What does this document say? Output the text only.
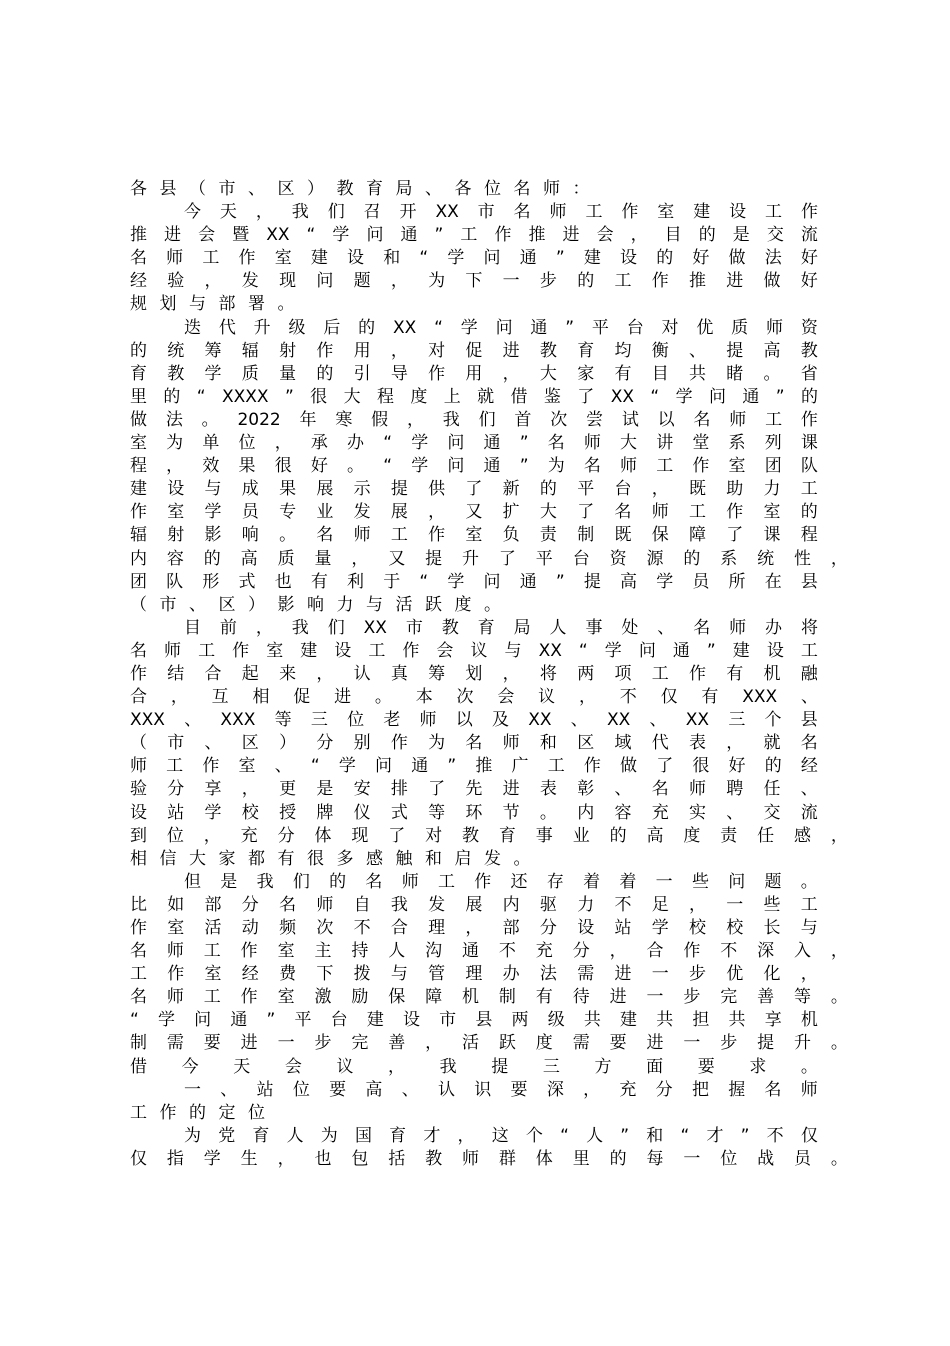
各 县 （ 市 、 区 ） 教 育 局 、 各 位 名 师 ：
今 天 ， 我 们 召 开 XX 市 名 师 工 作 室 建 设 工 作
推 进 会 暨 XX “ 学 问 通 ” 工 作 推 进 会 ， 目 的 是 交 流
名 师 工 作 室 建 设 和 “ 学 问 通 ” 建 设 的 好 做 法 好
经 验 ， 发 现 问 题 ， 为 下 一 步 的 工 作 推 进 做 好
规 划 与 部 署 。
迭 代 升 级 后 的 XX “ 学 问 通 ” 平 台 对 优 质 师 资
的 统 筹 辐 射 作 用 ， 对 促 进 教 育 均 衡 、 提 高 教
育 教 学 质 量 的 引 导 作 用 ， 大 家 有 目 共 睹 。 省
里 的 “ XXXX ” 很 大 程 度 上 就 借 鉴 了 XX “ 学 问 通 ” 的
做 法 。 2022 年 寒 假 ， 我 们 首 次 尝 试 以 名 师 工 作
室 为 单 位 ， 承 办 “ 学 问 通 ” 名 师 大 讲 堂 系 列 课
程 ， 效 果 很 好 。 “ 学 问 通 ” 为 名 师 工 作 室 团 队
建 设 与 成 果 展 示 提 供 了 新 的 平 台 ， 既 助 力 工
作 室 学 员 专 业 发 展 ， 又 扩 大 了 名 师 工 作 室 的
辐 射 影 响 。 名 师 工 作 室 负 责 制 既 保 障 了 课 程
内 容 的 高 质 量 ， 又 提 升 了 平 台 资 源 的 系 统 性 ，
团 队 形 式 也 有 利 于 “ 学 问 通 ” 提 高 学 员 所 在 县
（ 市 、 区 ） 影 响 力 与 活 跃 度 。
目 前 ， 我 们 XX 市 教 育 局 人 事 处 、 名 师 办 将
名 师 工 作 室 建 设 工 作 会 议 与 XX “ 学 问 通 ” 建 设 工
作 结 合 起 来 ， 认 真 筹 划 ， 将 两 项 工 作 有 机 融
合 ， 互 相 促 进 。 本 次 会 议 ， 不 仅 有 XXX 、
XXX 、 XXX 等 三 位 老 师 以 及 XX 、 XX 、 XX 三 个 县
（ 市 、 区 ） 分 别 作 为 名 师 和 区 域 代 表 ， 就 名
师 工 作 室 、 “ 学 问 通 ” 推 广 工 作 做 了 很 好 的 经
验 分 享 ， 更 是 安 排 了 先 进 表 彰 、 名 师 聘 任 、
设 站 学 校 授 牌 仪 式 等 环 节 。 内 容 充 实 、 交 流
到 位 ， 充 分 体 现 了 对 教 育 事 业 的 高 度 责 任 感 ，
相 信 大 家 都 有 很 多 感 触 和 启 发 。
但 是 我 们 的 名 师 工 作 还 存 着 着 一 些 问 题 。
比 如 部 分 名 师 自 我 发 展 内 驱 力 不 足 ， 一 些 工
作 室 活 动 频 次 不 合 理 ， 部 分 设 站 学 校 校 长 与
名 师 工 作 室 主 持 人 沟 通 不 充 分 ， 合 作 不 深 入 ，
工 作 室 经 费 下 拨 与 管 理 办 法 需 进 一 步 优 化 ，
名 师 工 作 室 激 励 保 障 机 制 有 待 进 一 步 完 善 等 。
“ 学 问 通 ” 平 台 建 设 市 县 两 级 共 建 共 担 共 享 机
制 需 要 进 一 步 完 善 ， 活 跃 度 需 要 进 一 步 提 升 。
借 今 天 会 议 ， 我 提 三 方 面 要 求 。
一 、 站 位 要 高 、 认 识 要 深 ， 充 分 把 握 名 师
工 作 的 定 位
为 党 育 人 为 国 育 才 ， 这 个 “ 人 ” 和 “ 才 ” 不 仅
仅 指 学 生 ， 也 包 括 教 师 群 体 里 的 每 一 位 战 员 。
